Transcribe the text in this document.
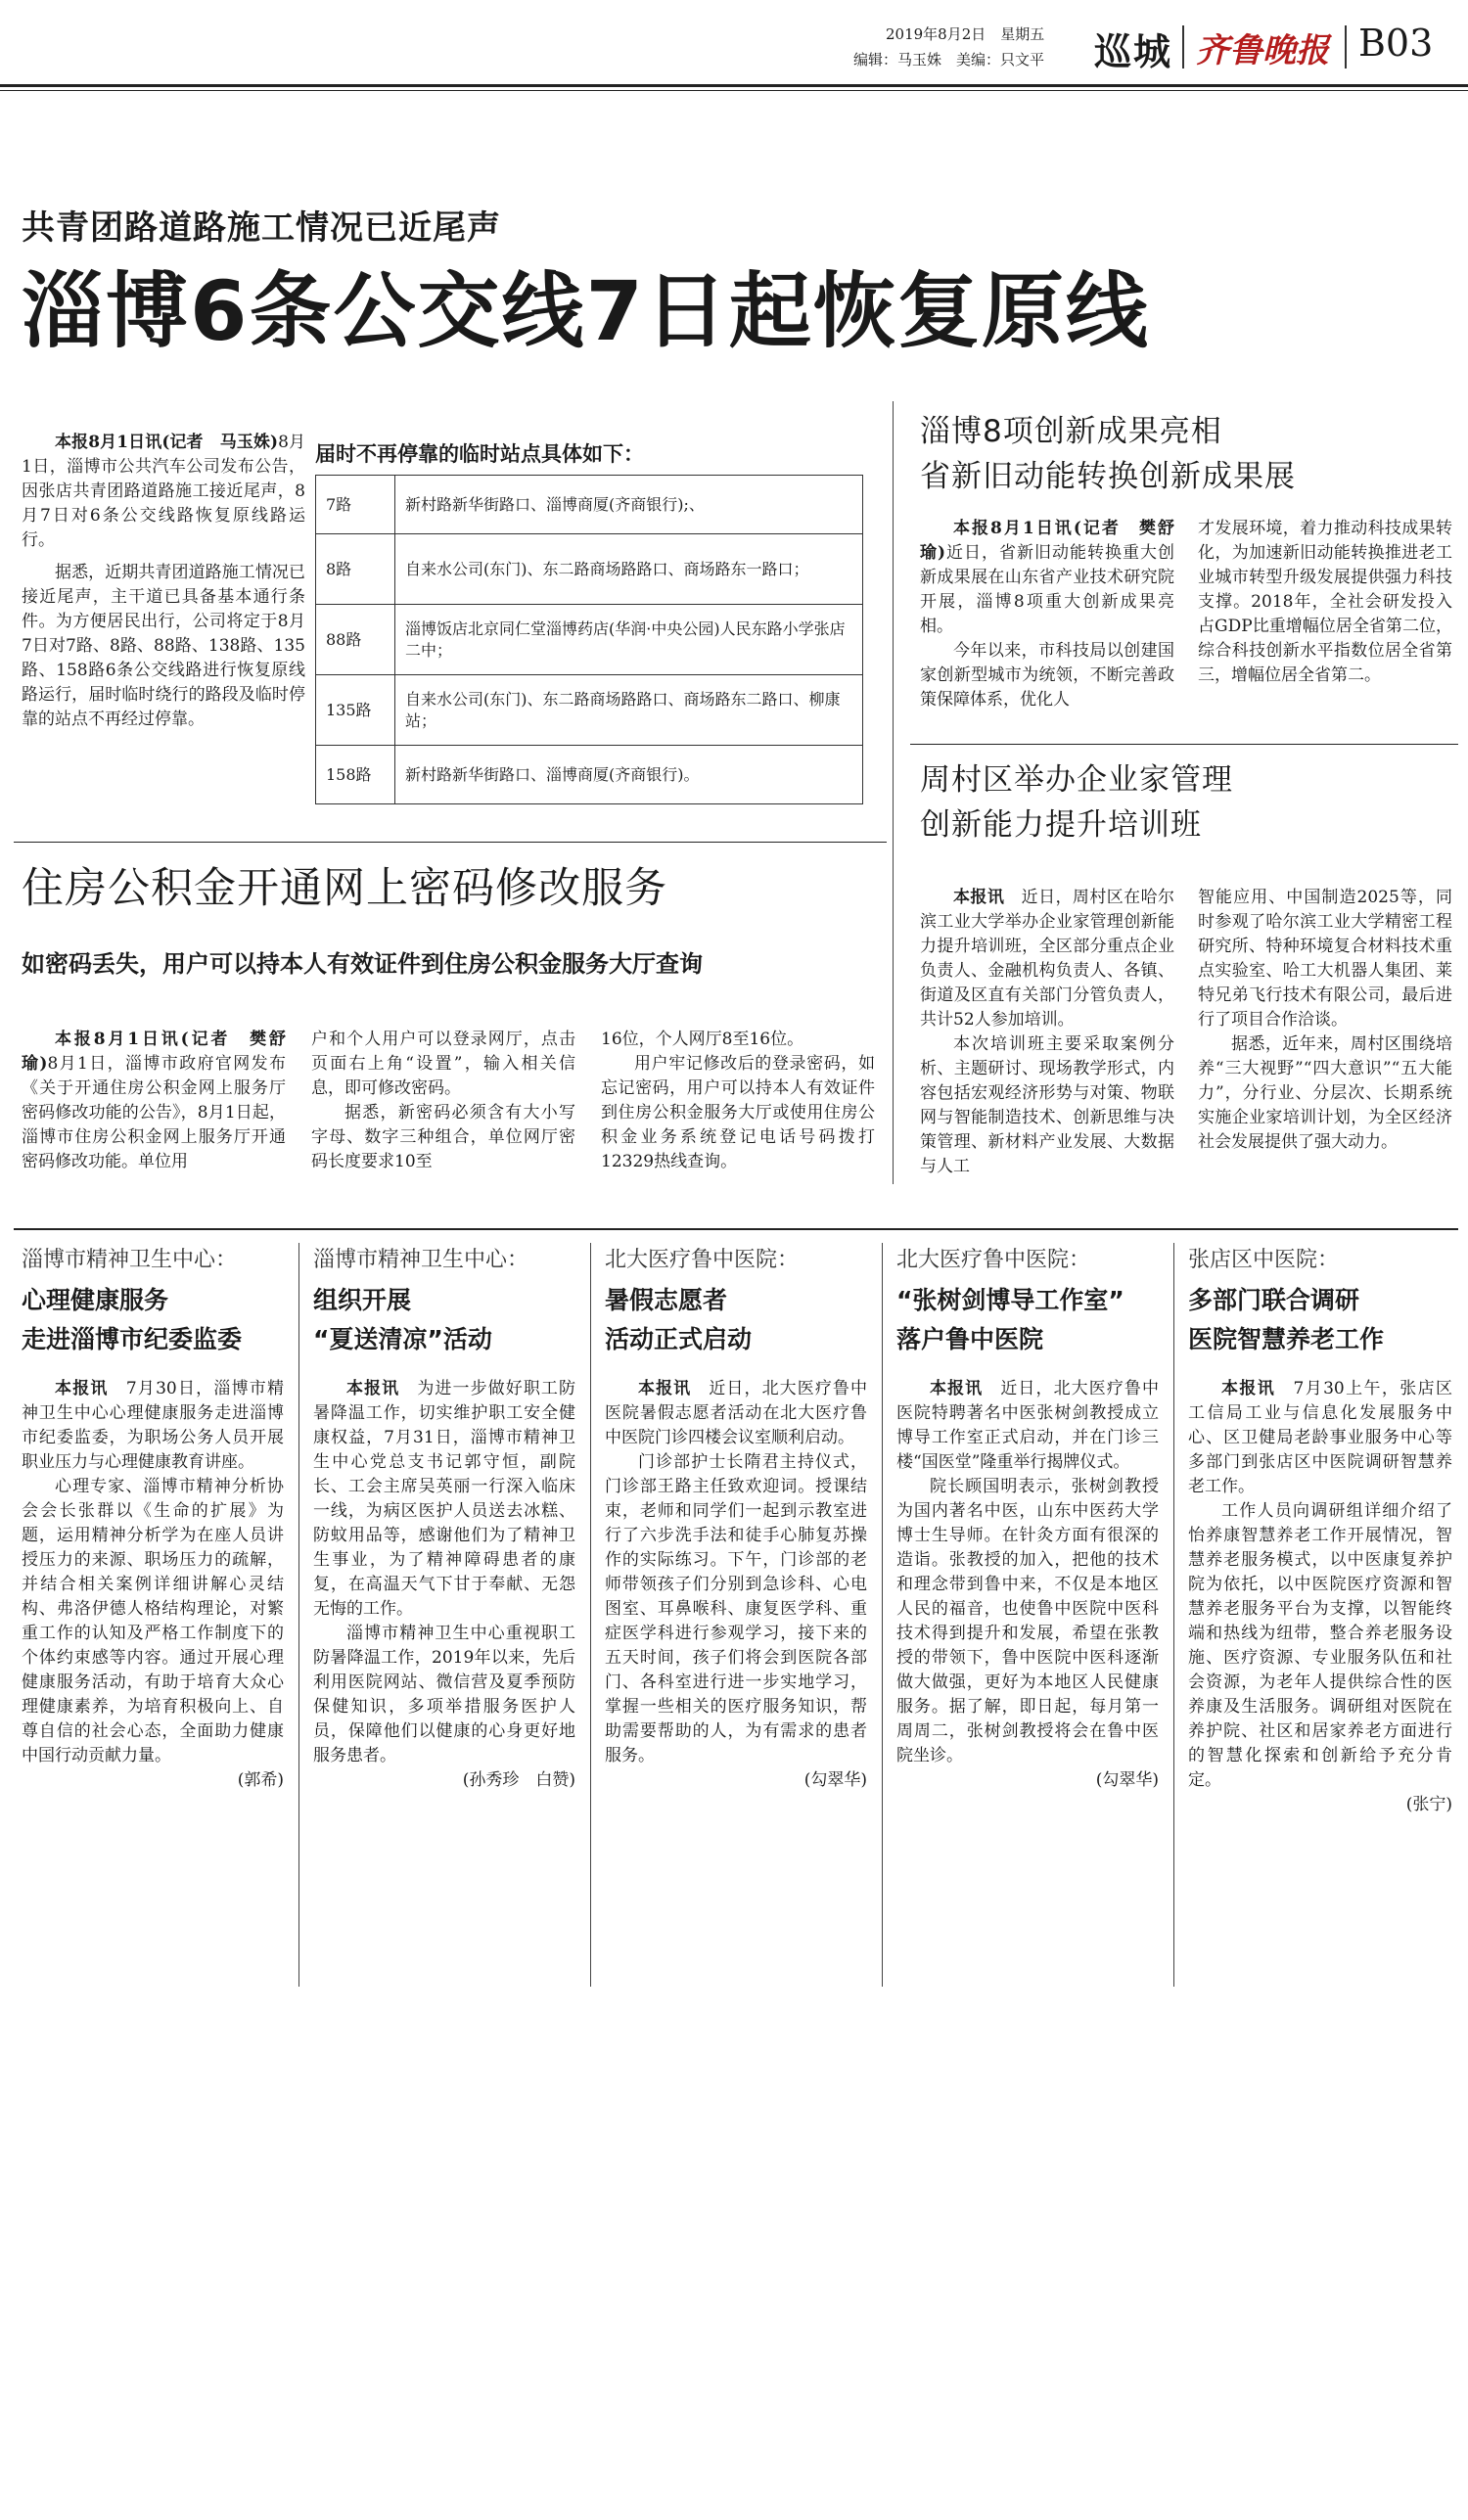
2019年8月2日　星期五
编辑：马玉姝　美编：只文平 巡城 齐鲁晚报 B03
共青团路道路施工情况已近尾声
淄博6条公交线7日起恢复原线

本报8月1日讯(记者　马玉姝)8月1日，淄博市公共汽车公司发布公告，因张店共青团路道路施工接近尾声，8月7日对6条公交线路恢复原线路运行。

据悉，近期共青团道路施工情况已接近尾声，主干道已具备基本通行条件。为方便居民出行，公司将定于8月7日对7路、8路、88路、138路、135路、158路6条公交线路进行恢复原线路运行，届时临时绕行的路段及临时停靠的站点不再经过停靠。

届时不再停靠的临时站点具体如下：
7路	新村路新华街路口、淄博商厦(齐商银行);、
8路	自来水公司(东门)、东二路商场路路口、商场路东一路口；
88路	淄博饭店北京同仁堂淄博药店(华润·中央公园)人民东路小学张店二中；
135路	自来水公司(东门)、东二路商场路路口、商场路东二路口、柳康站；
158路	新村路新华街路口、淄博商厦(齐商银行)。
淄博8项创新成果亮相
省新旧动能转换创新成果展

本报8月1日讯(记者　樊舒瑜)近日，省新旧动能转换重大创新成果展在山东省产业技术研究院开展，淄博8项重大创新成果亮相。

今年以来，市科技局以创建国家创新型城市为统领，不断完善政策保障体系，优化人

才发展环境，着力推动科技成果转化，为加速新旧动能转换推进老工业城市转型升级发展提供强力科技支撑。2018年，全社会研发投入占GDP比重增幅位居全省第二位，综合科技创新水平指数位居全省第三，增幅位居全省第二。

周村区举办企业家管理
创新能力提升培训班

本报讯　 近日，周村区在哈尔滨工业大学举办企业家管理创新能力提升培训班，全区部分重点企业负责人、金融机构负责人、各镇、街道及区直有关部门分管负责人，共计52人参加培训。

本次培训班主要采取案例分析、主题研讨、现场教学形式，内容包括宏观经济形势与对策、物联网与智能制造技术、创新思维与决策管理、新材料产业发展、大数据与人工

智能应用、中国制造2025等，同时参观了哈尔滨工业大学精密工程研究所、特种环境复合材料技术重点实验室、哈工大机器人集团、莱特兄弟飞行技术有限公司，最后进行了项目合作洽谈。

据悉，近年来，周村区围绕培养“三大视野”“四大意识”“五大能力”，分行业、分层次、长期系统实施企业家培训计划，为全区经济社会发展提供了强大动力。

住房公积金开通网上密码修改服务
如密码丢失，用户可以持本人有效证件到住房公积金服务大厅查询

本报8月1日讯(记者　樊舒瑜)8月1日，淄博市政府官网发布《关于开通住房公积金网上服务厅密码修改功能的公告》，8月1日起，淄博市住房公积金网上服务厅开通密码修改功能。单位用

户和个人用户可以登录网厅，点击页面右上角“设置”，输入相关信息，即可修改密码。

据悉，新密码必须含有大小写字母、数字三种组合，单位网厅密码长度要求10至

16位，个人网厅8至16位。

用户牢记修改后的登录密码，如忘记密码，用户可以持本人有效证件到住房公积金服务大厅或使用住房公积金业务系统登记电话号码拨打12329热线查询。

淄博市精神卫生中心：
心理健康服务
走进淄博市纪委监委

本报讯　 7月30日，淄博市精神卫生中心心理健康服务走进淄博市纪委监委，为职场公务人员开展职业压力与心理健康教育讲座。

心理专家、淄博市精神分析协会会长张群以《生命的扩展》为题，运用精神分析学为在座人员讲授压力的来源、职场压力的疏解，并结合相关案例详细讲解心灵结构、弗洛伊德人格结构理论，对繁重工作的认知及严格工作制度下的个体约束感等内容。通过开展心理健康服务活动，有助于培育大众心理健康素养，为培育积极向上、自尊自信的社会心态，全面助力健康中国行动贡献力量。

(郭希)

淄博市精神卫生中心：
组织开展
“夏送清凉”活动

本报讯　 为进一步做好职工防暑降温工作，切实维护职工安全健康权益，7月31日，淄博市精神卫生中心党总支书记郭守恒，副院长、工会主席吴英丽一行深入临床一线，为病区医护人员送去冰糕、防蚊用品等，感谢他们为了精神卫生事业，为了精神障碍患者的康复，在高温天气下甘于奉献、无怨无悔的工作。

淄博市精神卫生中心重视职工防暑降温工作，2019年以来，先后利用医院网站、微信营及夏季预防保健知识，多项举措服务医护人员，保障他们以健康的心身更好地服务患者。

(孙秀珍　白赞)

北大医疗鲁中医院：
暑假志愿者
活动正式启动

本报讯　 近日，北大医疗鲁中医院暑假志愿者活动在北大医疗鲁中医院门诊四楼会议室顺利启动。

门诊部护士长隋君主持仪式，门诊部王路主任致欢迎词。授课结束，老师和同学们一起到示教室进行了六步洗手法和徒手心肺复苏操作的实际练习。下午，门诊部的老师带领孩子们分别到急诊科、心电图室、耳鼻喉科、康复医学科、重症医学科进行参观学习，接下来的五天时间，孩子们将会到医院各部门、各科室进行进一步实地学习，掌握一些相关的医疗服务知识，帮助需要帮助的人，为有需求的患者服务。

(勾翠华)

北大医疗鲁中医院：
“张树剑博导工作室”
落户鲁中医院

本报讯　 近日，北大医疗鲁中医院特聘著名中医张树剑教授成立博导工作室正式启动，并在门诊三楼“国医堂”隆重举行揭牌仪式。

院长顾国明表示，张树剑教授为国内著名中医，山东中医药大学博士生导师。在针灸方面有很深的造诣。张教授的加入，把他的技术和理念带到鲁中来，不仅是本地区人民的福音，也使鲁中医院中医科技术得到提升和发展，希望在张教授的带领下，鲁中医院中医科逐渐做大做强，更好为本地区人民健康服务。据了解，即日起，每月第一周周二，张树剑教授将会在鲁中医院坐诊。

(勾翠华)

张店区中医院：
多部门联合调研
医院智慧养老工作

本报讯　 7月30上午，张店区工信局工业与信息化发展服务中心、区卫健局老龄事业服务中心等多部门到张店区中医院调研智慧养老工作。

工作人员向调研组详细介绍了怡养康智慧养老工作开展情况，智慧养老服务模式，以中医康复养护院为依托，以中医院医疗资源和智慧养老服务平台为支撑，以智能终端和热线为纽带，整合养老服务设施、医疗资源、专业服务队伍和社会资源，为老年人提供综合性的医养康及生活服务。调研组对医院在养护院、社区和居家养老方面进行的智慧化探索和创新给予充分肯定。

(张宁)
